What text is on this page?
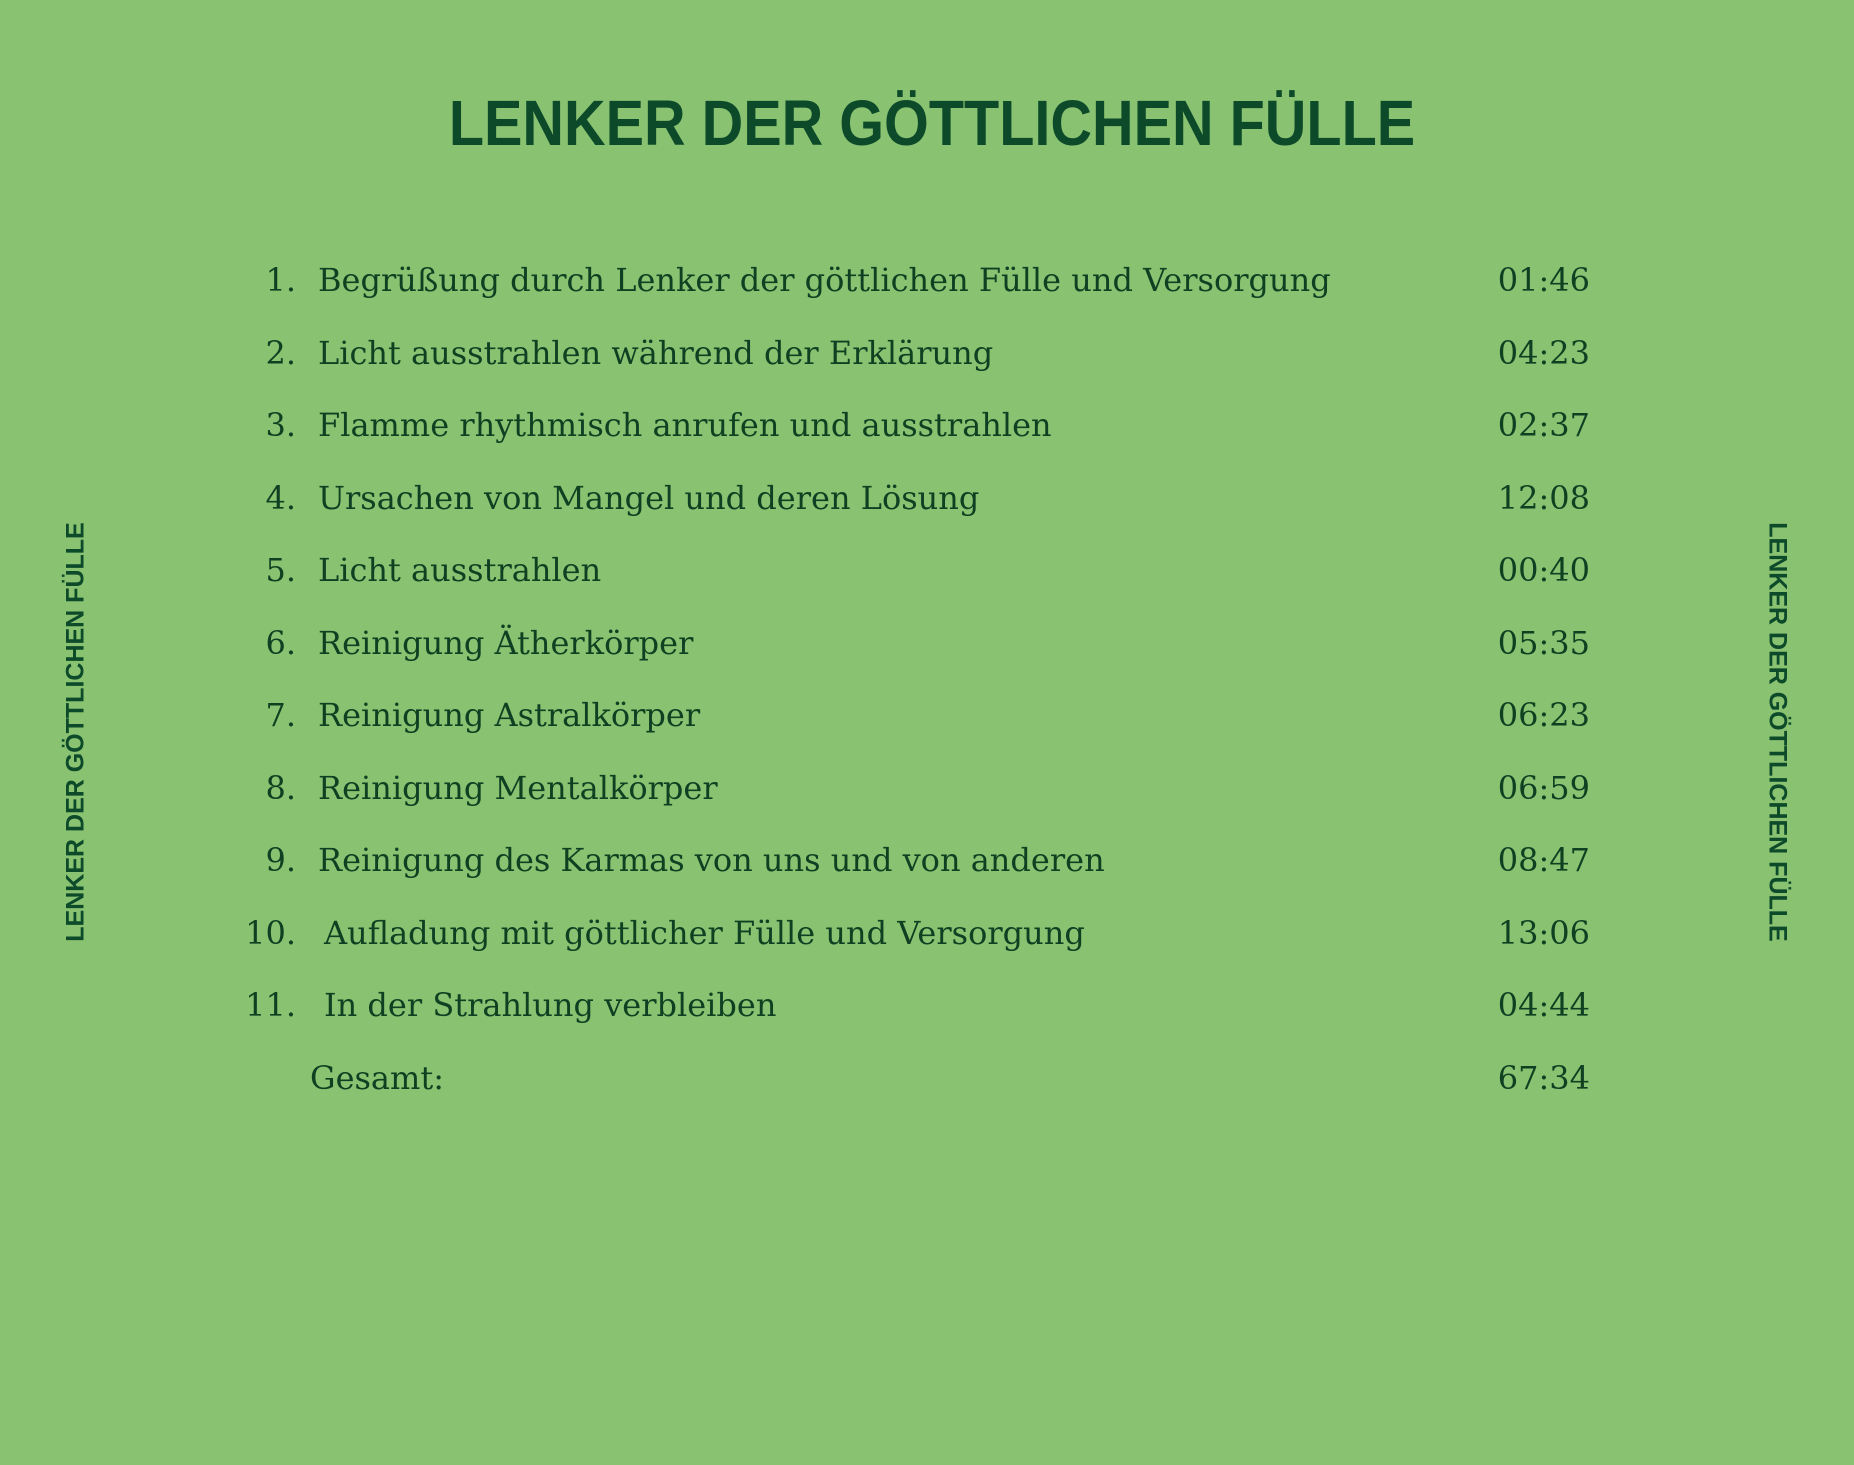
LENKER DER GÖTTLICHEN FÜLLE
LENKER DER GÖTTLICHEN FÜLLE	LENKER DER GÖTTLICHEN FÜLLE
1. Begrüßung durch Lenker der göttlichen Fülle und Versorgung	01:46
2. Licht ausstrahlen während der Erklärung	04:23
3. Flamme rhythmisch anrufen und ausstrahlen	02:37
4. Ursachen von Mangel und deren Lösung	12:08
5. Licht ausstrahlen	00:40
6. Reinigung Ätherkörper	05:35
7. Reinigung Astralkörper	06:23
8. Reinigung Mentalkörper	06:59
9. Reinigung des Karmas von uns und von anderen	08:47
10. Aufladung mit göttlicher Fülle und Versorgung	13:06
11. In der Strahlung verbleiben	04:44
Gesamt:	67:34
